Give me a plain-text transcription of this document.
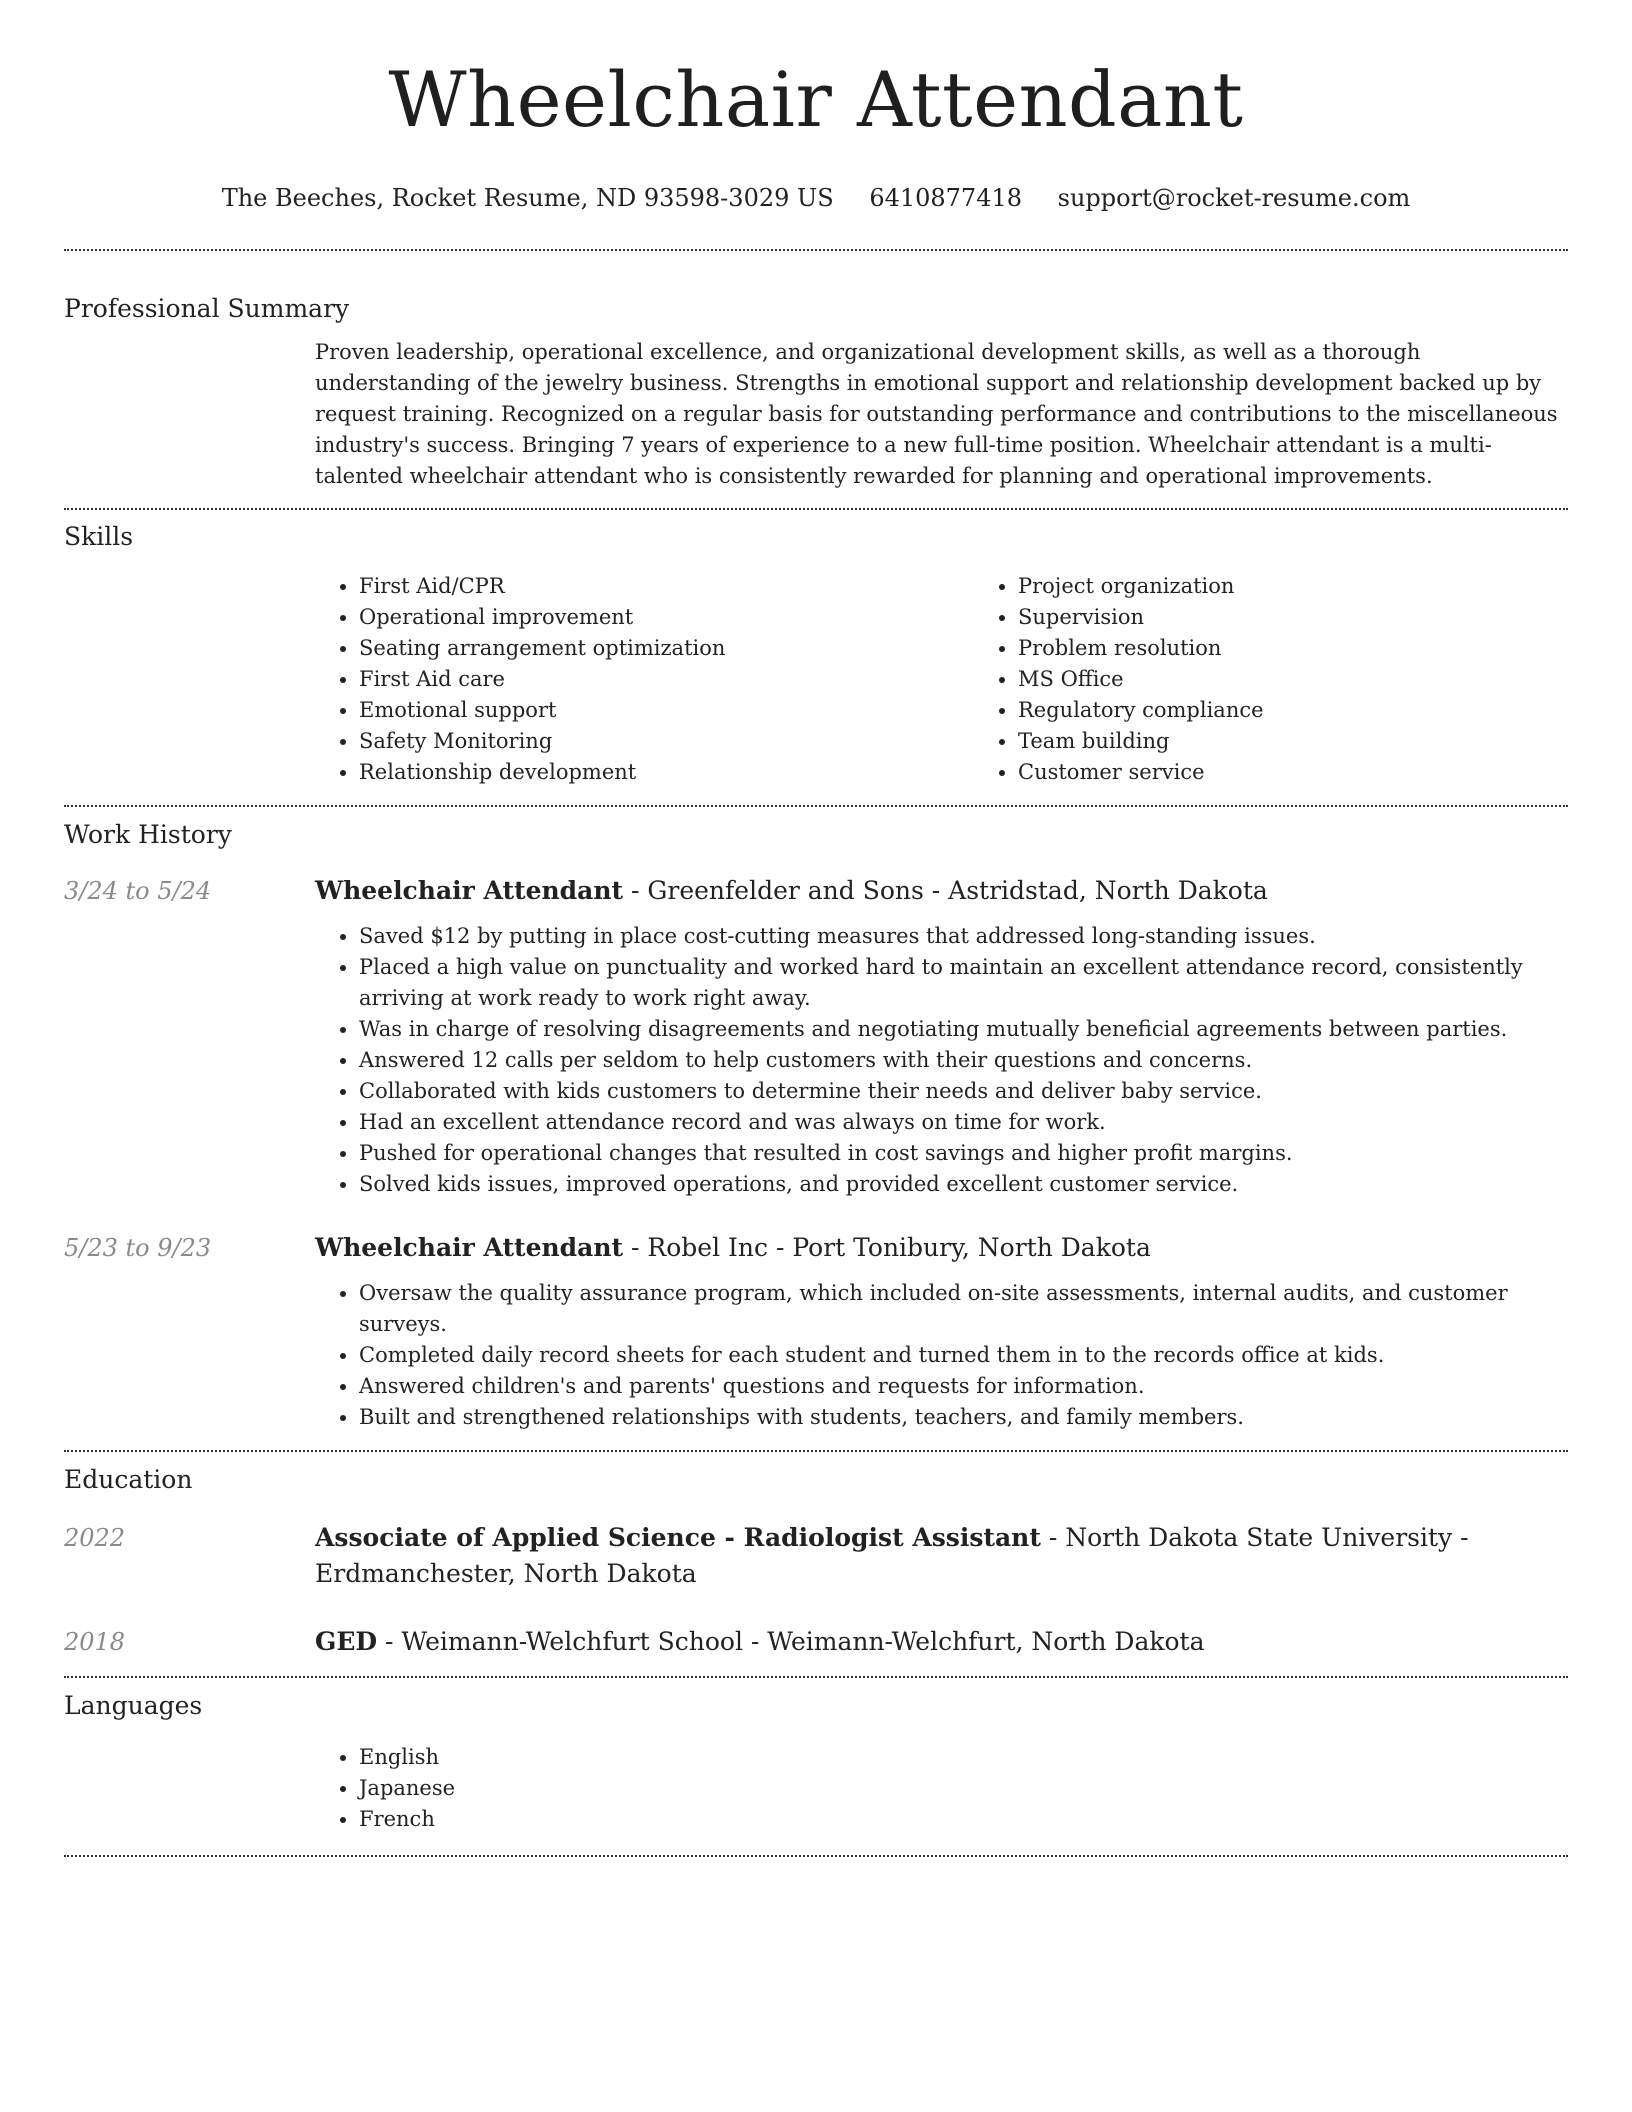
Wheelchair Attendant
The Beeches, Rocket Resume, ND 93598-3029 US 6410877418 support@rocket-resume.com
Professional Summary

Proven leadership, operational excellence, and organizational development skills, as well as a thorough understanding of the jewelry business. Strengths in emotional support and relationship development backed up by request training. Recognized on a regular basis for outstanding performance and contributions to the miscellaneous industry's success. Bringing 7 years of experience to a new full-time position. Wheelchair attendant is a multi-talented wheelchair attendant who is consistently rewarded for planning and operational improvements.

Skills
• First Aid/CPR
• Operational improvement
• Seating arrangement optimization
• First Aid care
• Emotional support
• Safety Monitoring
• Relationship development
• Project organization
• Supervision
• Problem resolution
• MS Office
• Regulatory compliance
• Team building
• Customer service
Work History
3/24 to 5/24	Wheelchair Attendant - Greenfelder and Sons - Astridstad, North Dakota

• Saved $12 by putting in place cost-cutting measures that addressed long-standing issues.
• Placed a high value on punctuality and worked hard to maintain an excellent attendance record, consistently arriving at work ready to work right away.
• Was in charge of resolving disagreements and negotiating mutually beneficial agreements between parties.
• Answered 12 calls per seldom to help customers with their questions and concerns.
• Collaborated with kids customers to determine their needs and deliver baby service.
• Had an excellent attendance record and was always on time for work.
• Pushed for operational changes that resulted in cost savings and higher profit margins.
• Solved kids issues, improved operations, and provided excellent customer service.
5/23 to 9/23	Wheelchair Attendant - Robel Inc - Port Tonibury, North Dakota

• Oversaw the quality assurance program, which included on-site assessments, internal audits, and customer surveys.
• Completed daily record sheets for each student and turned them in to the records office at kids.
• Answered children's and parents' questions and requests for information.
• Built and strengthened relationships with students, teachers, and family members.
Education
2022	Associate of Applied Science - Radiologist Assistant - North Dakota State University - Erdmanchester, North Dakota

2018	GED - Weimann-Welchfurt School - Weimann-Welchfurt, North Dakota

Languages
• English
• Japanese
• French
